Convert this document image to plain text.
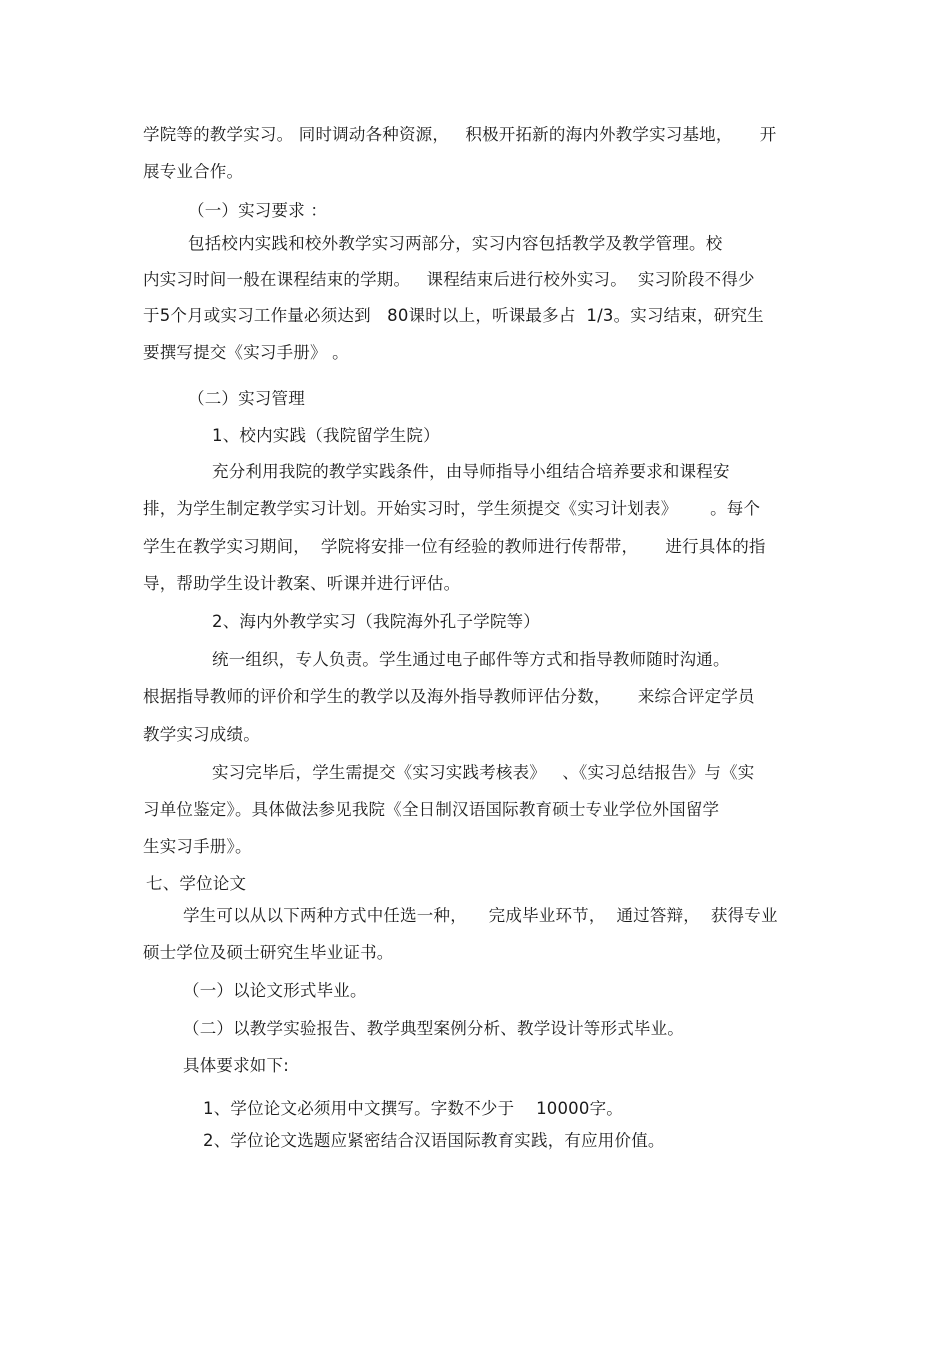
学院等的教学实习。 同时调动各种资源，   积极开拓新的海内外教学实习基地，     开
展专业合作。
（一）实习要求 ：
包括校内实践和校外教学实习两部分，实习内容包括教学及教学管理。校
内实习时间一般在课程结束的学期。   课程结束后进行校外实习。  实习阶段不得少
于5个月或实习工作量必须达到   80课时以上，听课最多占  1/3。实习结束，研究生
要撰写提交《实习手册》 。
（二）实习管理
1、校内实践（我院留学生院）
充分利用我院的教学实践条件，由导师指导小组结合培养要求和课程安
排，为学生制定教学实习计划。开始实习时，学生须提交《实习计划表》      。每个
学生在教学实习期间，  学院将安排一位有经验的教师进行传帮带，     进行具体的指
导，帮助学生设计教案、听课并进行评估。
2、海内外教学实习（我院海外孔子学院等）
统一组织，专人负责。学生通过电子邮件等方式和指导教师随时沟通。
根据指导教师的评价和学生的教学以及海外指导教师评估分数，     来综合评定学员
教学实习成绩。
实习完毕后，学生需提交《实习实践考核表》   、《实习总结报告》与《实
习单位鉴定》。具体做法参见我院《全日制汉语国际教育硕士专业学位外国留学
生实习手册》。
七、学位论文
学生可以从以下两种方式中任选一种，    完成毕业环节，  通过答辩，  获得专业
硕士学位及硕士研究生毕业证书。
（一）以论文形式毕业。
（二）以教学实验报告、教学典型案例分析、教学设计等形式毕业。
具体要求如下:
1、学位论文必须用中文撰写。字数不少于    10000字。
2、学位论文选题应紧密结合汉语国际教育实践，有应用价值。
